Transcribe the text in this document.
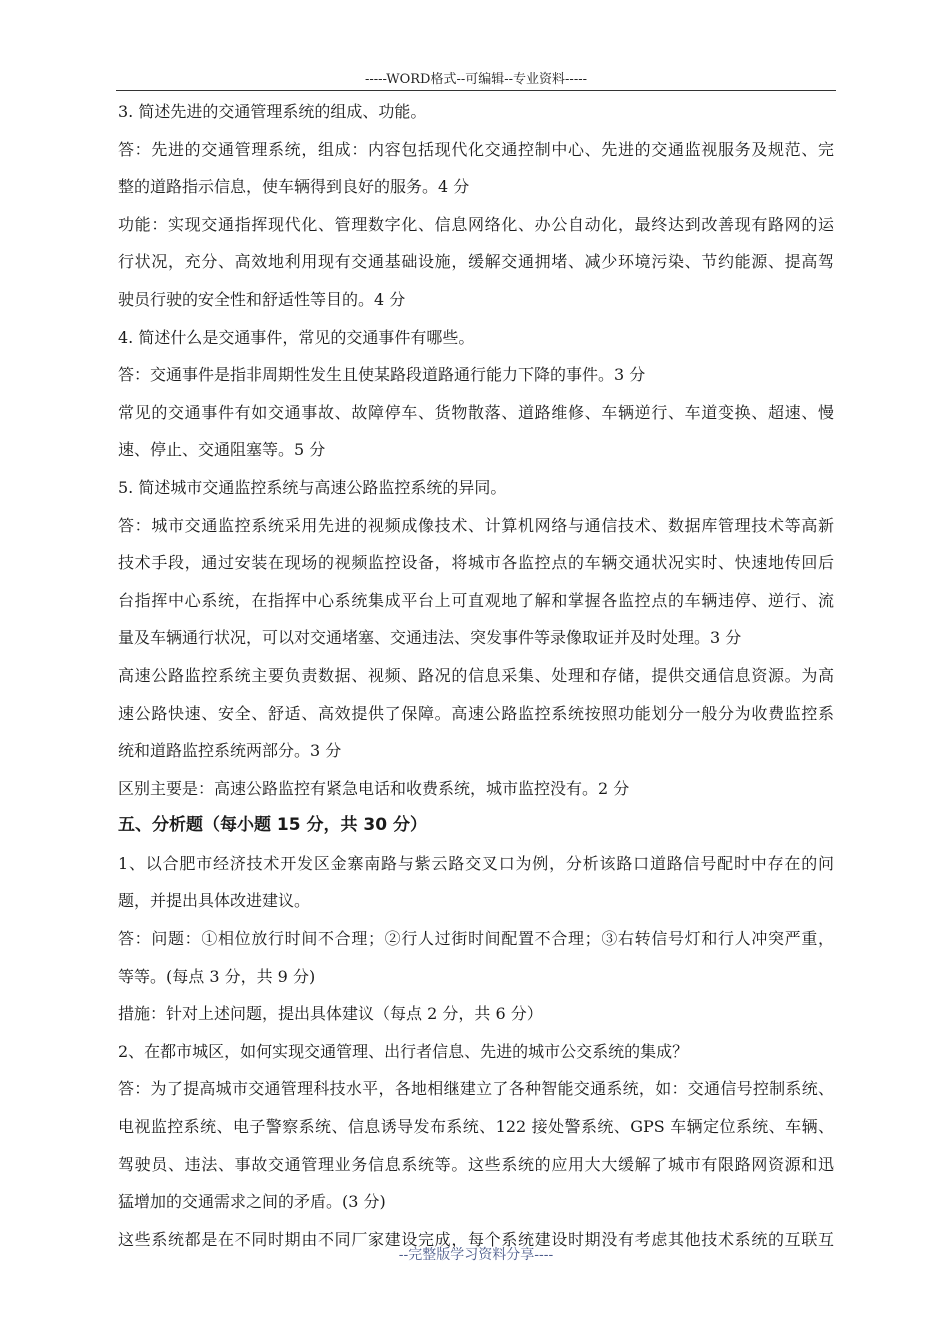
-----WORD格式--可编辑--专业资料-----
3. 简述先进的交通管理系统的组成、功能。
答：先进的交通管理系统，组成：内容包括现代化交通控制中心、先进的交通监视服务及规范、完
整的道路指示信息，使车辆得到良好的服务。4 分
功能：实现交通指挥现代化、管理数字化、信息网络化、办公自动化，最终达到改善现有路网的运
行状况，充分、高效地利用现有交通基础设施，缓解交通拥堵、减少环境污染、节约能源、提高驾
驶员行驶的安全性和舒适性等目的。4 分
4. 简述什么是交通事件，常见的交通事件有哪些。
答：交通事件是指非周期性发生且使某路段道路通行能力下降的事件。3 分
常见的交通事件有如交通事故、故障停车、货物散落、道路维修、车辆逆行、车道变换、超速、慢
速、停止、交通阻塞等。5 分
5. 简述城市交通监控系统与高速公路监控系统的异同。
答：城市交通监控系统采用先进的视频成像技术、计算机网络与通信技术、数据库管理技术等高新
技术手段，通过安装在现场的视频监控设备，将城市各监控点的车辆交通状况实时、快速地传回后
台指挥中心系统，在指挥中心系统集成平台上可直观地了解和掌握各监控点的车辆违停、逆行、流
量及车辆通行状况，可以对交通堵塞、交通违法、突发事件等录像取证并及时处理。3 分
高速公路监控系统主要负责数据、视频、路况的信息采集、处理和存储，提供交通信息资源。为高
速公路快速、安全、舒适、高效提供了保障。高速公路监控系统按照功能划分一般分为收费监控系
统和道路监控系统两部分。3 分
区别主要是：高速公路监控有紧急电话和收费系统，城市监控没有。2 分
五、分析题（每小题 15 分，共 30 分）
1、以合肥市经济技术开发区金寨南路与紫云路交叉口为例，分析该路口道路信号配时中存在的问
题，并提出具体改进建议。
答：问题：①相位放行时间不合理；②行人过街时间配置不合理；③右转信号灯和行人冲突严重，
等等。(每点 3 分，共 9 分)
措施：针对上述问题，提出具体建议（每点 2 分，共 6 分）
2、在都市城区，如何实现交通管理、出行者信息、先进的城市公交系统的集成？
答：为了提高城市交通管理科技水平，各地相继建立了各种智能交通系统，如：交通信号控制系统、
电视监控系统、电子警察系统、信息诱导发布系统、122 接处警系统、GPS 车辆定位系统、车辆、
驾驶员、违法、事故交通管理业务信息系统等。这些系统的应用大大缓解了城市有限路网资源和迅
猛增加的交通需求之间的矛盾。(3 分)
这些系统都是在不同时期由不同厂家建设完成，每个系统建设时期没有考虑其他技术系统的互联互
--完整版学习资料分享----
